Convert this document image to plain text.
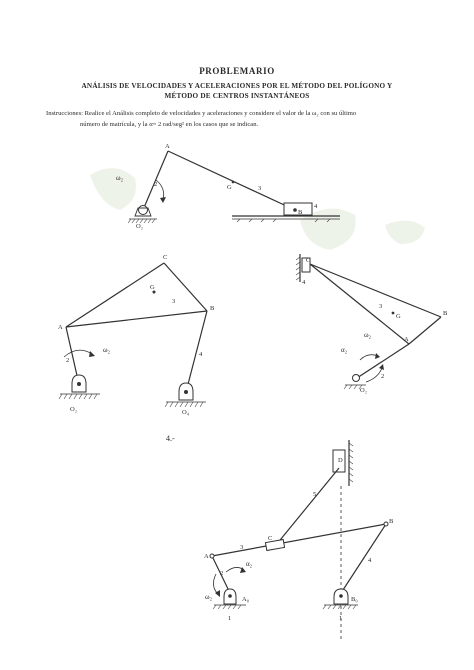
PROBLEMARIO
ANÁLISIS DE VELOCIDADES Y ACELERACIONES POR EL MÉTODO DEL POLÍGONO Y
MÉTODO DE CENTROS INSTANTÁNEOS
Instrucciones: Realice el Análisis completo de velocidades y aceleraciones y considere el valor de la ω₂ con su último
número de matrícula, y la α= 2 rad/seg² en los casos que se indican.
4.-
A
2	G	3
B
4
ω₂
O₂
C
G
3
A
B
2
ω₂
4
O₂	O₄
C
4
G
3
B
A
ω₂
α₂
2
O₂
D
5
A
3
C
B
4
2
ω₂
α₂
A₀	B₀
1	1
